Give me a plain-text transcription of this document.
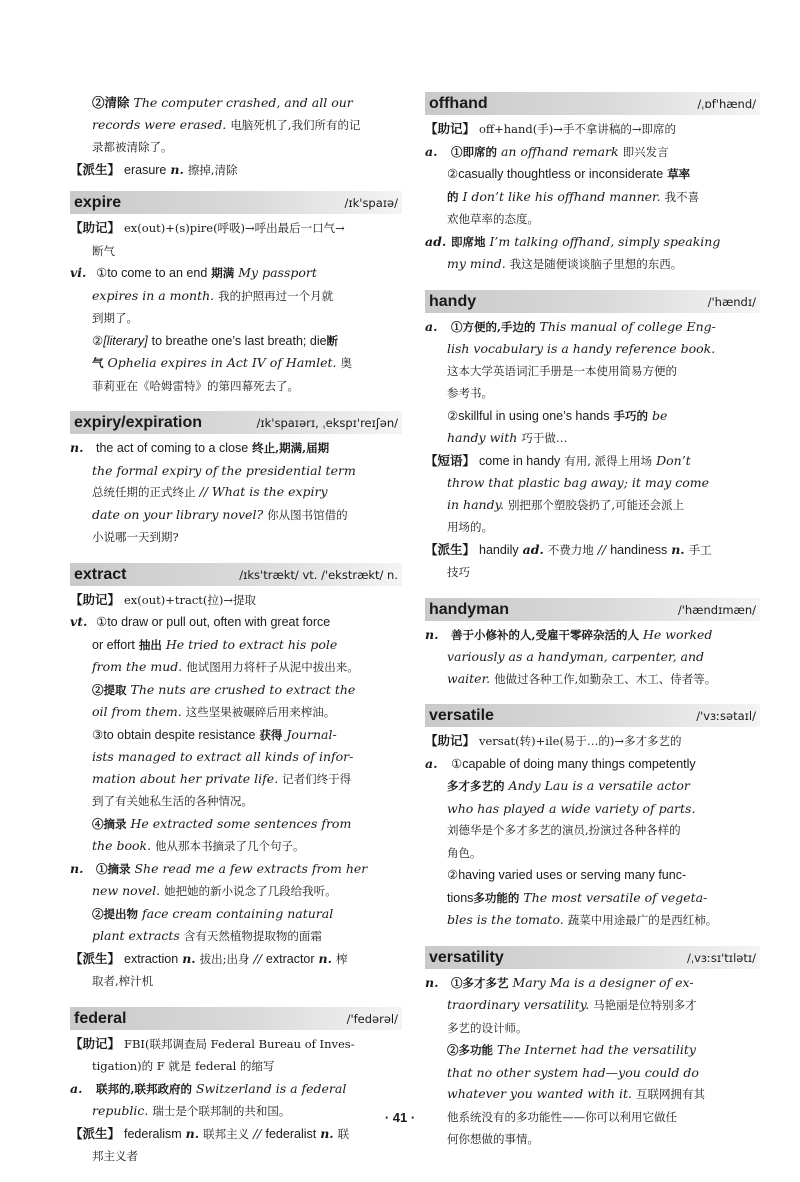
②清除 The computer crashed, and all our

records were erased. 电脑死机了,我们所有的记

录都被清除了。

【派生】 erasure n. 擦掉,清除

expire	/ɪk'spaɪə/

【助记】 ex(out)+(s)pire(呼吸)→呼出最后一口气→

断气

vi. ①to come to an end 期满 My passport

expires in a month. 我的护照再过一个月就

到期了。

②[literary] to breathe one’s last breath; die断

气 Ophelia expires in Act IV of Hamlet. 奥

菲莉亚在《哈姆雷特》的第四幕死去了。

expiry/expiration	/ɪk'spaɪərɪ, ˌekspɪ'reɪʃən/

n. the act of coming to a close 终止,期满,届期

the formal expiry of the presidential term

总统任期的正式终止 // What is the expiry

date on your library novel? 你从图书馆借的

小说哪一天到期?

extract	/ɪks'trækt/ vt. /'ekstrækt/ n.

【助记】 ex(out)+tract(拉)→提取

vt. ①to draw or pull out, often with great force

or effort 抽出 He tried to extract his pole

from the mud. 他试图用力将杆子从泥中拔出来。

②提取 The nuts are crushed to extract the

oil from them. 这些坚果被碾碎后用来榨油。

③to obtain despite resistance 获得 Journal-

ists managed to extract all kinds of infor-

mation about her private life. 记者们终于得

到了有关她私生活的各种情况。

④摘录 He extracted some sentences from

the book. 他从那本书摘录了几个句子。

n. ①摘录 She read me a few extracts from her

new novel. 她把她的新小说念了几段给我听。

②提出物 face cream containing natural

plant extracts 含有天然植物提取物的面霜

【派生】 extraction n. 拔出;出身 // extractor n. 榨

取者,榨汁机

federal	/'fedərəl/

【助记】 FBI(联邦调查局 Federal Bureau of Inves-

tigation)的 F 就是 federal 的缩写

a. 联邦的,联邦政府的 Switzerland is a federal

republic. 瑞士是个联邦制的共和国。

【派生】 federalism n. 联邦主义 // federalist n. 联

邦主义者

offhand	/ˌɒf'hænd/

【助记】 off+hand(手)→手不拿讲稿的→即席的

a. ①即席的 an offhand remark 即兴发言

②casually thoughtless or inconsiderate 草率

的 I don’t like his offhand manner. 我不喜

欢他草率的态度。

ad. 即席地 I’m talking offhand, simply speaking

my mind. 我这是随便谈谈脑子里想的东西。

handy	/'hændɪ/

a. ①方便的,手边的 This manual of college Eng-

lish vocabulary is a handy reference book.

这本大学英语词汇手册是一本使用简易方便的

参考书。

②skillful in using one’s hands 手巧的 be

handy with 巧于做…

【短语】 come in handy 有用, 派得上用场 Don’t

throw that plastic bag away; it may come

in handy. 别把那个塑胶袋扔了,可能还会派上

用场的。

【派生】 handily ad. 不费力地 // handiness n. 手工

技巧

handyman	/'hændɪmæn/

n. 善于小修补的人,受雇干零碎杂活的人 He worked

variously as a handyman, carpenter, and

waiter. 他做过各种工作,如勤杂工、木工、侍者等。

versatile	/'vɜːsətaɪl/

【助记】 versat(转)+ile(易于…的)→多才多艺的

a. ①capable of doing many things competently

多才多艺的 Andy Lau is a versatile actor

who has played a wide variety of parts.

刘德华是个多才多艺的演员,扮演过各种各样的

角色。

②having varied uses or serving many func-

tions多功能的 The most versatile of vegeta-

bles is the tomato. 蔬菜中用途最广的是西红柿。

versatility	/ˌvɜːsɪ'tɪlətɪ/

n. ①多才多艺 Mary Ma is a designer of ex-

traordinary versatility. 马艳丽是位特别多才

多艺的设计师。

②多功能 The Internet had the versatility

that no other system had—you could do

whatever you wanted with it. 互联网拥有其

他系统没有的多功能性——你可以利用它做任

何你想做的事情。

· 41 ·
